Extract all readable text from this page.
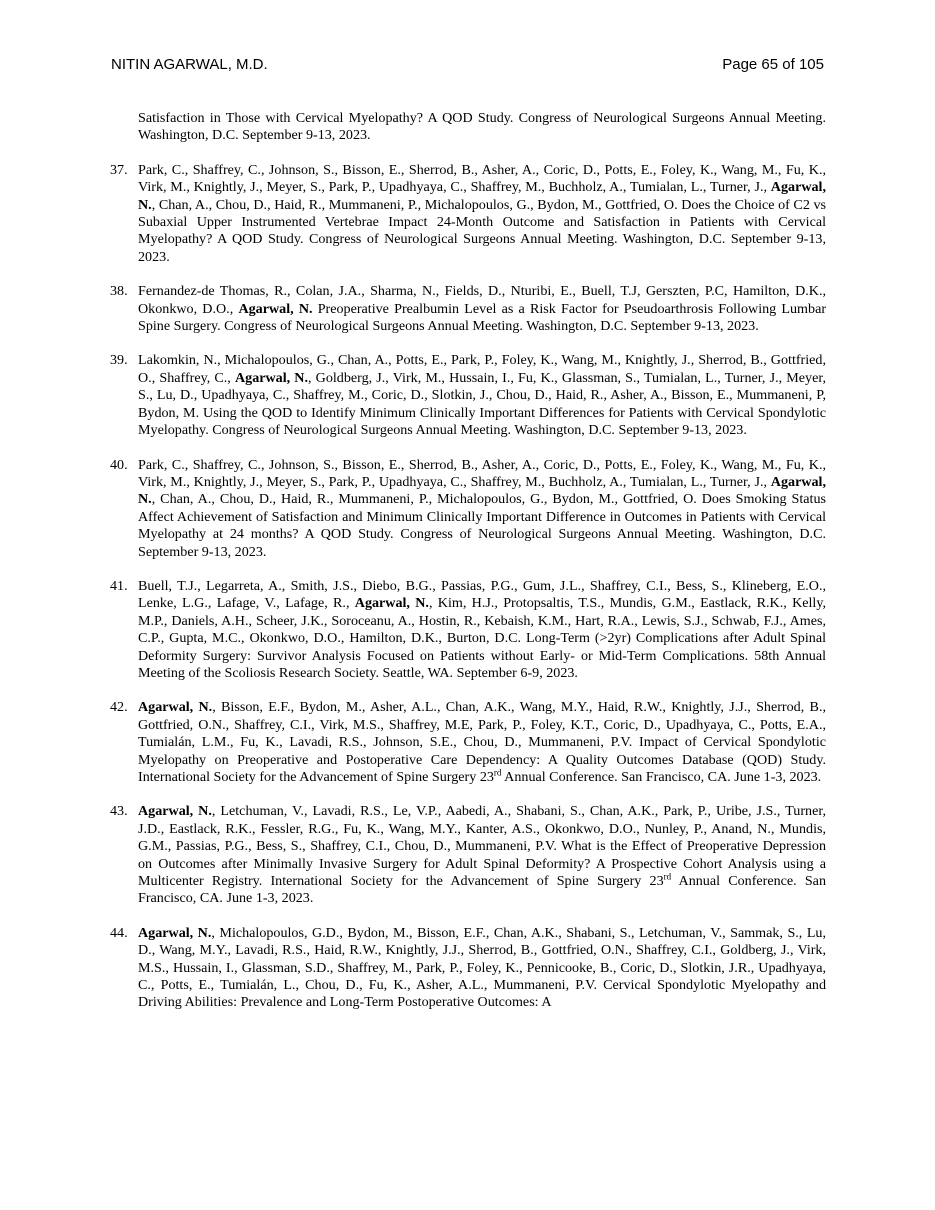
NITIN AGARWAL, M.D.	Page 65 of 105
Satisfaction in Those with Cervical Myelopathy? A QOD Study. Congress of Neurological Surgeons Annual Meeting. Washington, D.C. September 9-13, 2023.
37. Park, C., Shaffrey, C., Johnson, S., Bisson, E., Sherrod, B., Asher, A., Coric, D., Potts, E., Foley, K., Wang, M., Fu, K., Virk, M., Knightly, J., Meyer, S., Park, P., Upadhyaya, C., Shaffrey, M., Buchholz, A., Tumialan, L., Turner, J., Agarwal, N., Chan, A., Chou, D., Haid, R., Mummaneni, P., Michalopoulos, G., Bydon, M., Gottfried, O. Does the Choice of C2 vs Subaxial Upper Instrumented Vertebrae Impact 24-Month Outcome and Satisfaction in Patients with Cervical Myelopathy? A QOD Study. Congress of Neurological Surgeons Annual Meeting. Washington, D.C. September 9-13, 2023.
38. Fernandez-de Thomas, R., Colan, J.A., Sharma, N., Fields, D., Nturibi, E., Buell, T.J, Gerszten, P.C, Hamilton, D.K., Okonkwo, D.O., Agarwal, N. Preoperative Prealbumin Level as a Risk Factor for Pseudoarthrosis Following Lumbar Spine Surgery. Congress of Neurological Surgeons Annual Meeting. Washington, D.C. September 9-13, 2023.
39. Lakomkin, N., Michalopoulos, G., Chan, A., Potts, E., Park, P., Foley, K., Wang, M., Knightly, J., Sherrod, B., Gottfried, O., Shaffrey, C., Agarwal, N., Goldberg, J., Virk, M., Hussain, I., Fu, K., Glassman, S., Tumialan, L., Turner, J., Meyer, S., Lu, D., Upadhyaya, C., Shaffrey, M., Coric, D., Slotkin, J., Chou, D., Haid, R., Asher, A., Bisson, E., Mummaneni, P, Bydon, M. Using the QOD to Identify Minimum Clinically Important Differences for Patients with Cervical Spondylotic Myelopathy. Congress of Neurological Surgeons Annual Meeting. Washington, D.C. September 9-13, 2023.
40. Park, C., Shaffrey, C., Johnson, S., Bisson, E., Sherrod, B., Asher, A., Coric, D., Potts, E., Foley, K., Wang, M., Fu, K., Virk, M., Knightly, J., Meyer, S., Park, P., Upadhyaya, C., Shaffrey, M., Buchholz, A., Tumialan, L., Turner, J., Agarwal, N., Chan, A., Chou, D., Haid, R., Mummaneni, P., Michalopoulos, G., Bydon, M., Gottfried, O. Does Smoking Status Affect Achievement of Satisfaction and Minimum Clinically Important Difference in Outcomes in Patients with Cervical Myelopathy at 24 months? A QOD Study. Congress of Neurological Surgeons Annual Meeting. Washington, D.C. September 9-13, 2023.
41. Buell, T.J., Legarreta, A., Smith, J.S., Diebo, B.G., Passias, P.G., Gum, J.L., Shaffrey, C.I., Bess, S., Klineberg, E.O., Lenke, L.G., Lafage, V., Lafage, R., Agarwal, N., Kim, H.J., Protopsaltis, T.S., Mundis, G.M., Eastlack, R.K., Kelly, M.P., Daniels, A.H., Scheer, J.K., Soroceanu, A., Hostin, R., Kebaish, K.M., Hart, R.A., Lewis, S.J., Schwab, F.J., Ames, C.P., Gupta, M.C., Okonkwo, D.O., Hamilton, D.K., Burton, D.C. Long-Term (>2yr) Complications after Adult Spinal Deformity Surgery: Survivor Analysis Focused on Patients without Early- or Mid-Term Complications. 58th Annual Meeting of the Scoliosis Research Society. Seattle, WA. September 6-9, 2023.
42. Agarwal, N., Bisson, E.F., Bydon, M., Asher, A.L., Chan, A.K., Wang, M.Y., Haid, R.W., Knightly, J.J., Sherrod, B., Gottfried, O.N., Shaffrey, C.I., Virk, M.S., Shaffrey, M.E, Park, P., Foley, K.T., Coric, D., Upadhyaya, C., Potts, E.A., Tumialán, L.M., Fu, K., Lavadi, R.S., Johnson, S.E., Chou, D., Mummaneni, P.V. Impact of Cervical Spondylotic Myelopathy on Preoperative and Postoperative Care Dependency: A Quality Outcomes Database (QOD) Study. International Society for the Advancement of Spine Surgery 23rd Annual Conference. San Francisco, CA. June 1-3, 2023.
43. Agarwal, N., Letchuman, V., Lavadi, R.S., Le, V.P., Aabedi, A., Shabani, S., Chan, A.K., Park, P., Uribe, J.S., Turner, J.D., Eastlack, R.K., Fessler, R.G., Fu, K., Wang, M.Y., Kanter, A.S., Okonkwo, D.O., Nunley, P., Anand, N., Mundis, G.M., Passias, P.G., Bess, S., Shaffrey, C.I., Chou, D., Mummaneni, P.V. What is the Effect of Preoperative Depression on Outcomes after Minimally Invasive Surgery for Adult Spinal Deformity? A Prospective Cohort Analysis using a Multicenter Registry. International Society for the Advancement of Spine Surgery 23rd Annual Conference. San Francisco, CA. June 1-3, 2023.
44. Agarwal, N., Michalopoulos, G.D., Bydon, M., Bisson, E.F., Chan, A.K., Shabani, S., Letchuman, V., Sammak, S., Lu, D., Wang, M.Y., Lavadi, R.S., Haid, R.W., Knightly, J.J., Sherrod, B., Gottfried, O.N., Shaffrey, C.I., Goldberg, J., Virk, M.S., Hussain, I., Glassman, S.D., Shaffrey, M., Park, P., Foley, K., Pennicooke, B., Coric, D., Slotkin, J.R., Upadhyaya, C., Potts, E., Tumialán, L., Chou, D., Fu, K., Asher, A.L., Mummaneni, P.V. Cervical Spondylotic Myelopathy and Driving Abilities: Prevalence and Long-Term Postoperative Outcomes: A
